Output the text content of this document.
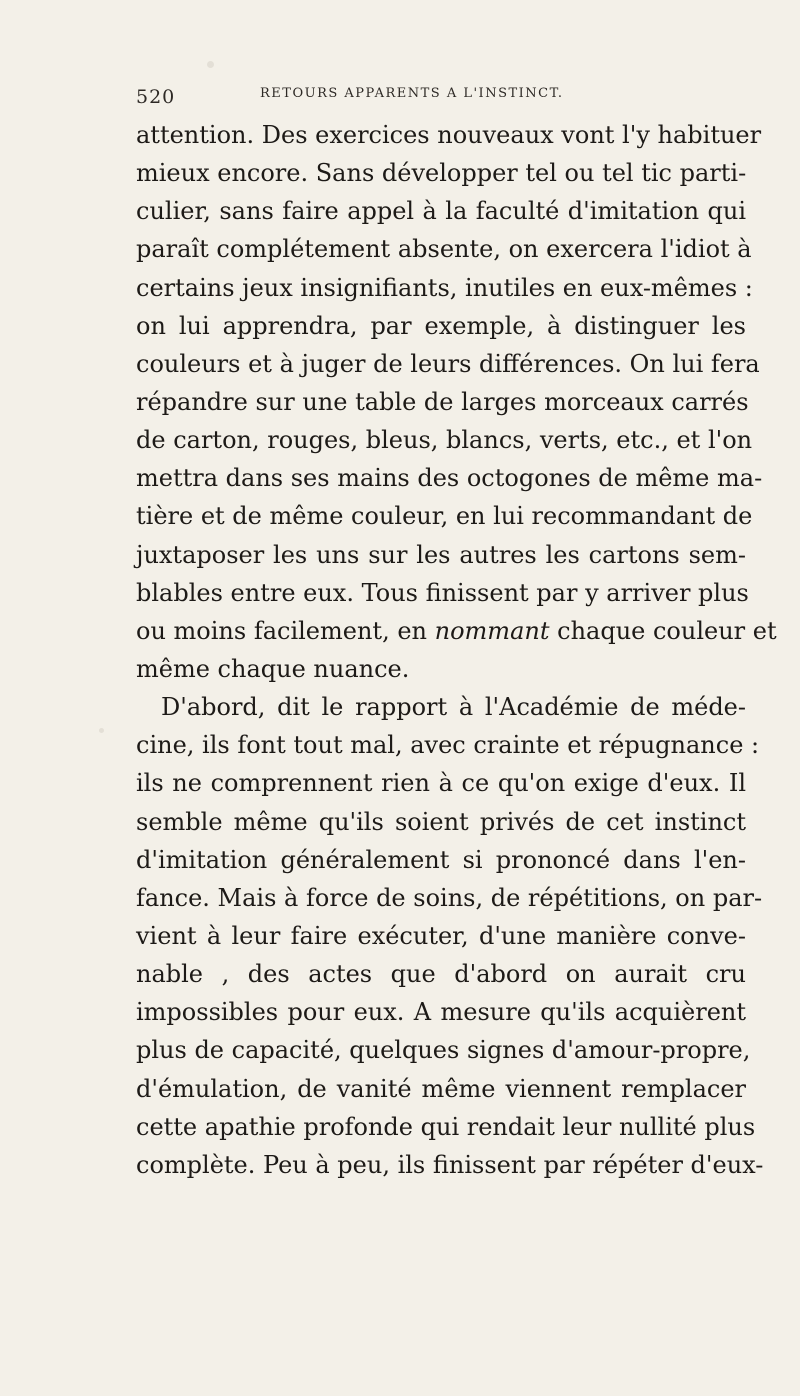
520	RETOURS APPARENTS A L'INSTINCT.
attention. Des exercices nouveaux vont l'y habituer
mieux encore. Sans développer tel ou tel tic parti-
culier, sans faire appel à la faculté d'imitation qui
paraît complétement absente, on exercera l'idiot à
certains jeux insignifiants, inutiles en eux-mêmes :
on lui apprendra, par exemple, à distinguer les
couleurs et à juger de leurs différences. On lui fera
répandre sur une table de larges morceaux carrés
de carton, rouges, bleus, blancs, verts, etc., et l'on
mettra dans ses mains des octogones de même ma-
tière et de même couleur, en lui recommandant de
juxtaposer les uns sur les autres les cartons sem-
blables entre eux. Tous finissent par y arriver plus
ou moins facilement, en nommant chaque couleur et
même chaque nuance.
D'abord, dit le rapport à l'Académie de méde-
cine, ils font tout mal, avec crainte et répugnance :
ils ne comprennent rien à ce qu'on exige d'eux. Il
semble même qu'ils soient privés de cet instinct
d'imitation généralement si prononcé dans l'en-
fance. Mais à force de soins, de répétitions, on par-
vient à leur faire exécuter, d'une manière conve-
nable , des actes que d'abord on aurait cru
impossibles pour eux. A mesure qu'ils acquièrent
plus de capacité, quelques signes d'amour-propre,
d'émulation, de vanité même viennent remplacer
cette apathie profonde qui rendait leur nullité plus
complète. Peu à peu, ils finissent par répéter d'eux-
